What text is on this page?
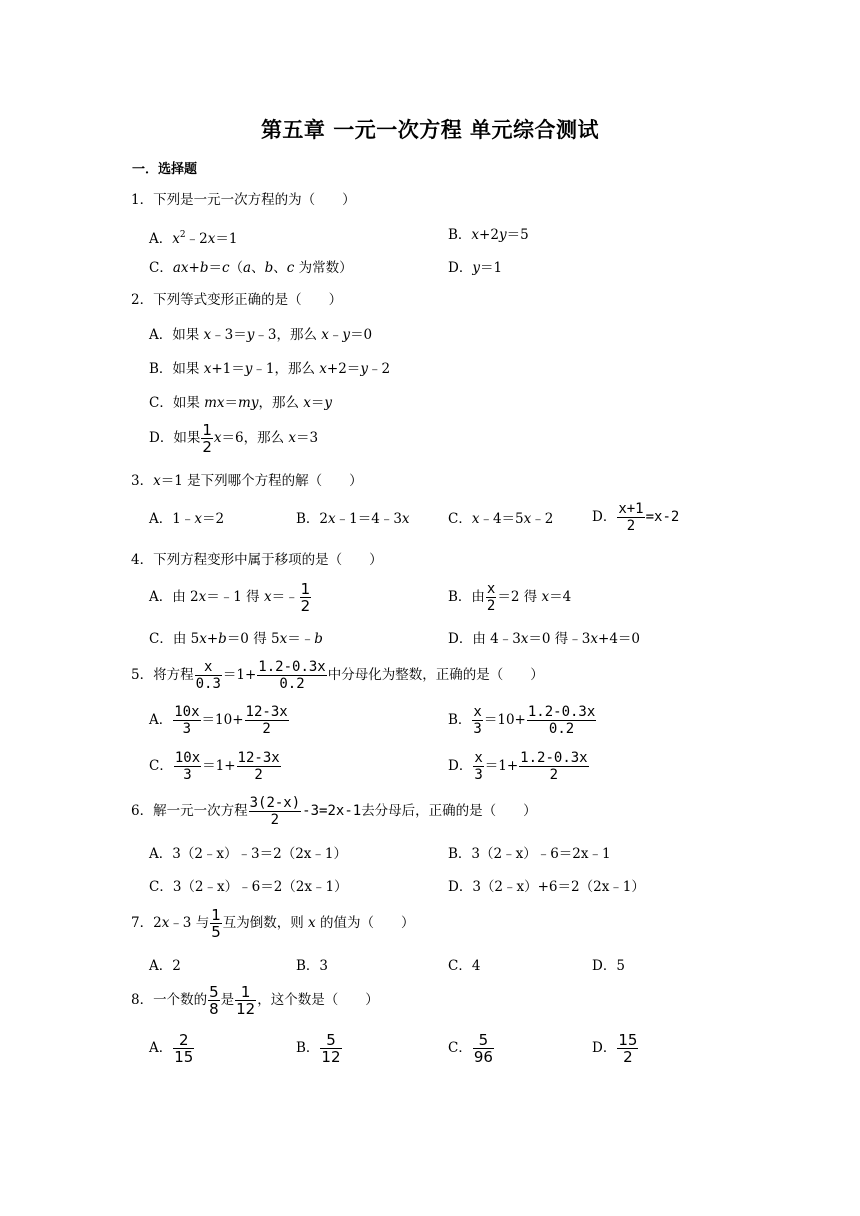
第五章 一元一次方程 单元综合测试
一．选择题
1．下列是一元一次方程的为（　　）
A．$x^2﹣2x=1$	B．x+2y＝5
C．ax+b＝c（a、b、c 为常数）	D．y＝1
2．下列等式变形正确的是（　　）
A．如果 x﹣3＝y﹣3，那么 x﹣y＝0
B．如果 x+1＝y﹣1，那么 x+2＝y﹣2
C．如果 mx＝my，那么 x＝y
D．如果 $\frac{1}{2} x=6$，那么 x＝3
3．x＝1 是下列哪个方程的解（　　）
A．1﹣x＝2	B．2x﹣1＝4﹣3x	C．x﹣4＝5x﹣2	D． $\frac{x+1}{2} =x-2$
4．下列方程变形中属于移项的是（　　）
A．由 2x＝﹣1 得 x＝﹣ $\frac{1}{2}$	B．由 $\frac{x}{2} =2$ 得 x＝4
C．由 5x+b＝0 得 5x＝﹣b	D．由 4﹣3x＝0 得﹣3x+4＝0
5．将方程 $\frac{x}{0.3} =1+ \frac{1.2-0.3x}{0.2}$ 中分母化为整数，正确的是（　　）
A． $\frac{10x}{3} =10+ \frac{12-3x}{2}$	B． $\frac{x}{3} =10+ \frac{1.2-0.3x}{0.2}$
C． $\frac{10x}{3} =1+ \frac{12-3x}{2}$	D． $\frac{x}{3} =1+ \frac{1.2-0.3x}{2}$
6．解一元一次方程 $\frac{3(2-x)}{2} -3=2x-1$去分母后，正确的是（　　）
A．3（2﹣x）﹣3＝2（2x﹣1）	B．3（2﹣x）﹣6＝2x﹣1
C．3（2﹣x）﹣6＝2（2x﹣1）	D．3（2﹣x）+6＝2（2x﹣1）
7．2x﹣3 与 $\frac{1}{5}$ 互为倒数，则 x 的值为（　　）
A．2	B．3	C．4	D．5
8．一个数的 $\frac{5}{8}$ 是 $\frac{1}{12}$ ，这个数是（　　）
A． $\frac{2}{15}$	B． $\frac{5}{12}$	C． $\frac{5}{96}$	D． $\frac{15}{2}$
